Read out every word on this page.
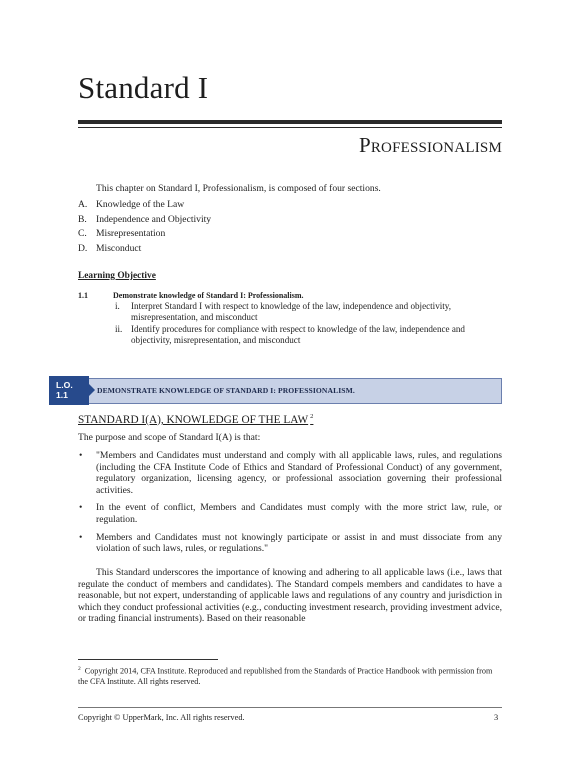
Standard I
Professionalism
This chapter on Standard I, Professionalism, is composed of four sections.
A. Knowledge of the Law
B. Independence and Objectivity
C. Misrepresentation
D. Misconduct
Learning Objective
1.1	Demonstrate knowledge of Standard I: Professionalism.
i. Interpret Standard I with respect to knowledge of the law, independence and objectivity, misrepresentation, and misconduct
ii. Identify procedures for compliance with respect to knowledge of the law, independence and objectivity, misrepresentation, and misconduct
L.O.
1.1	DEMONSTRATE KNOWLEDGE OF STANDARD I: PROFESSIONALISM.
STANDARD I(A), KNOWLEDGE OF THE LAW $^2$
The purpose and scope of Standard I(A) is that:
• "Members and Candidates must understand and comply with all applicable laws, rules, and regulations (including the CFA Institute Code of Ethics and Standard of Professional Conduct) of any government, regulatory organization, licensing agency, or professional association governing their professional activities.
• In the event of conflict, Members and Candidates must comply with the more strict law, rule, or regulation.
• Members and Candidates must not knowingly participate or assist in and must dissociate from any violation of such laws, rules, or regulations."

This Standard underscores the importance of knowing and adhering to all applicable laws (i.e., laws that regulate the conduct of members and candidates). The Standard compels members and candidates to have a reasonable, but not expert, understanding of applicable laws and regulations of any country and jurisdiction in which they conduct professional activities (e.g., conducting investment research, providing investment advice, or trading financial instruments). Based on their reasonable

$^2$ Copyright 2014, CFA Institute. Reproduced and republished from the Standards of Practice Handbook with permission from the CFA Institute. All rights reserved.
Copyright © UpperMark, Inc. All rights reserved.	3
